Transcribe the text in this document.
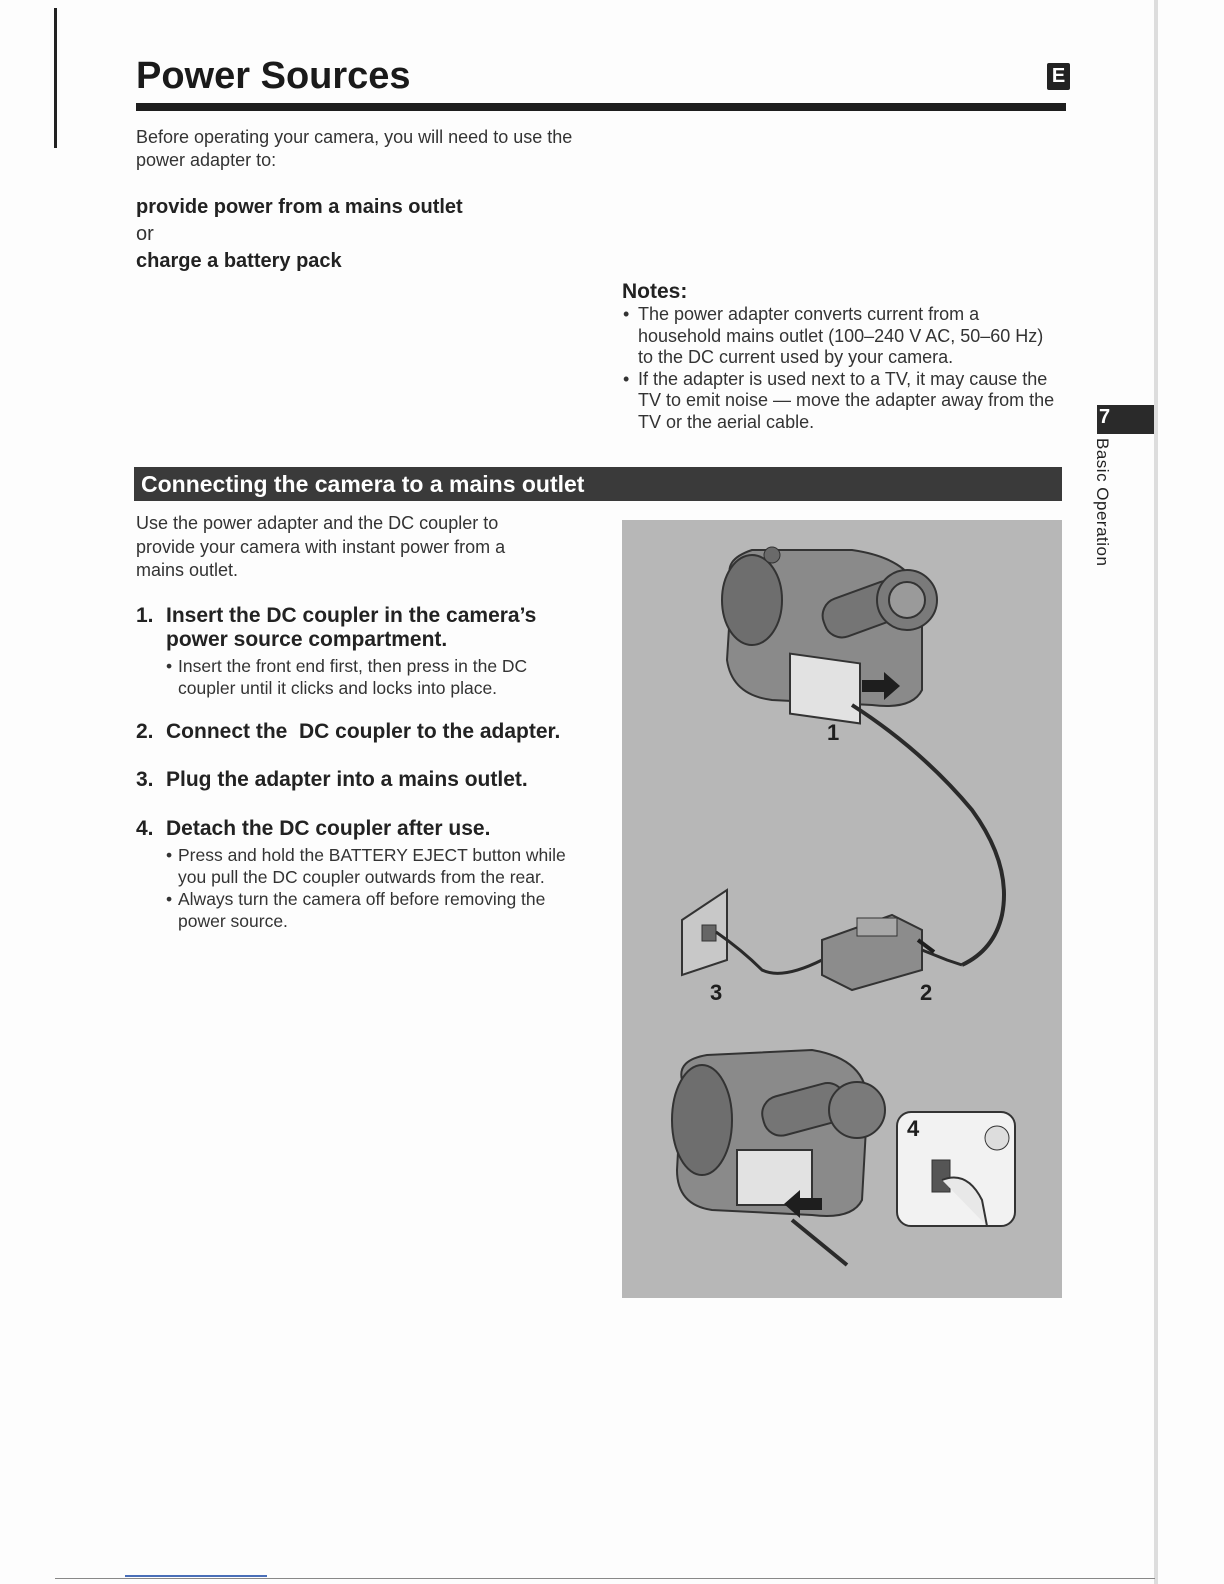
Power Sources	E
Before operating your camera, you will need to use the power adapter to:
provide power from a mains outlet
or
charge a battery pack
Notes:
• The power adapter converts current from a household mains outlet (100–240 V AC, 50–60 Hz) to the DC current used by your camera.
• If the adapter is used next to a TV, it may cause the TV to emit noise — move the adapter away from the TV or the aerial cable.
Connecting the camera to a mains outlet
7
Basic Operation
Use the power adapter and the DC coupler to provide your camera with instant power from a mains outlet.
1. Insert the DC coupler in the camera’s power source compartment.
• Insert the front end first, then press in the DC coupler until it clicks and locks into place.
2. Connect the  DC coupler to the adapter.
3. Plug the adapter into a mains outlet.
4. Detach the DC coupler after use.
• Press and hold the BATTERY EJECT button while you pull the DC coupler outwards from the rear.
• Always turn the camera off before removing the power source.
1
2
3
4
